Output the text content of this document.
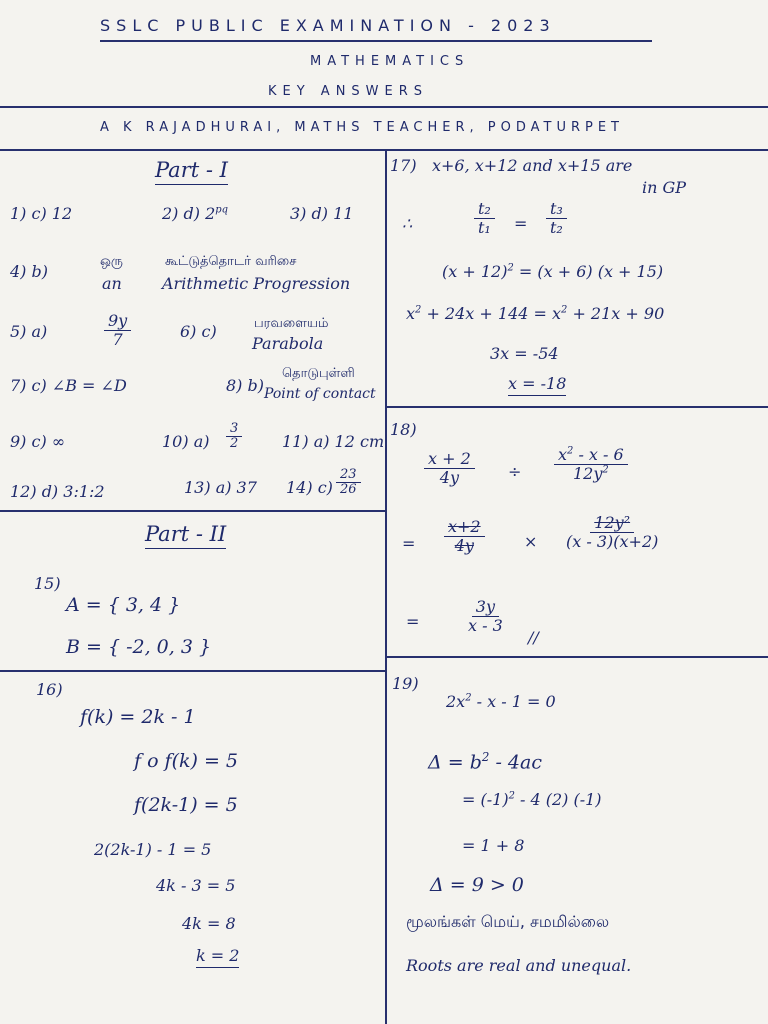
SSLC PUBLIC EXAMINATION - 2023
MATHEMATICS
KEY ANSWERS
A K RAJADHURAI, MATHS TEACHER, PODATURPET
Part - I
1) c) 12	2) d) $2^{pq}$	3) d) 11
4) b)
ஒரு	கூட்டுத்தொடர் வரிசை
an	Arithmetic Progression
5) a)	$\frac{9y}{7}$	6) c)	பரவளையம்
Parabola
7) c) ∠B = ∠D	8) b)
தொடுபுள்ளி
Point of contact
9) c) ∞	10) $a) \frac{3}{2} 11$) a) 12 cm
12) d) 3:1:2	13) a) 37 14) $c) \frac{23}{26}$
Part - II
15)
A = { 3, 4 }
B = { -2, 0, 3 }
16)
f(k) = 2k - 1
f o f(k) = 5
f(2k-1) = 5
2(2k-1) - 1 = 5
4k - 3 = 5
4k = 8
k = 2
17) x+6, x+12 and x+15 are
in GP
∴	$\frac{\text{t₂}}{\text{t₁}} = \frac{\text{t₃}}{\text{t₂}}$
$(x + 12)^2 = (x + 6)$ (x + 15)
$x^2 + 24x + 144 = x^2 + 21x + 90$
3x = -54
x = -18
18)
$\frac{x + 2}{4y} \div \frac{x^2 - x - 6}{12y^2}$
= $\frac{x+2}{4y} \times \frac{\text{12y²}}{(x - 3)(x+2)}$
=	$\frac{3y}{x - 3}$
//
19)
$2x^2 - x - 1 = 0$
$\Delta = b^2 - 4ac$
= $(-1)^2 - 4$ (2) (-1)
= 1 + 8
Δ = 9 > 0
மூலங்கள் மெய், சமமில்லை
Roots are real and unequal.
